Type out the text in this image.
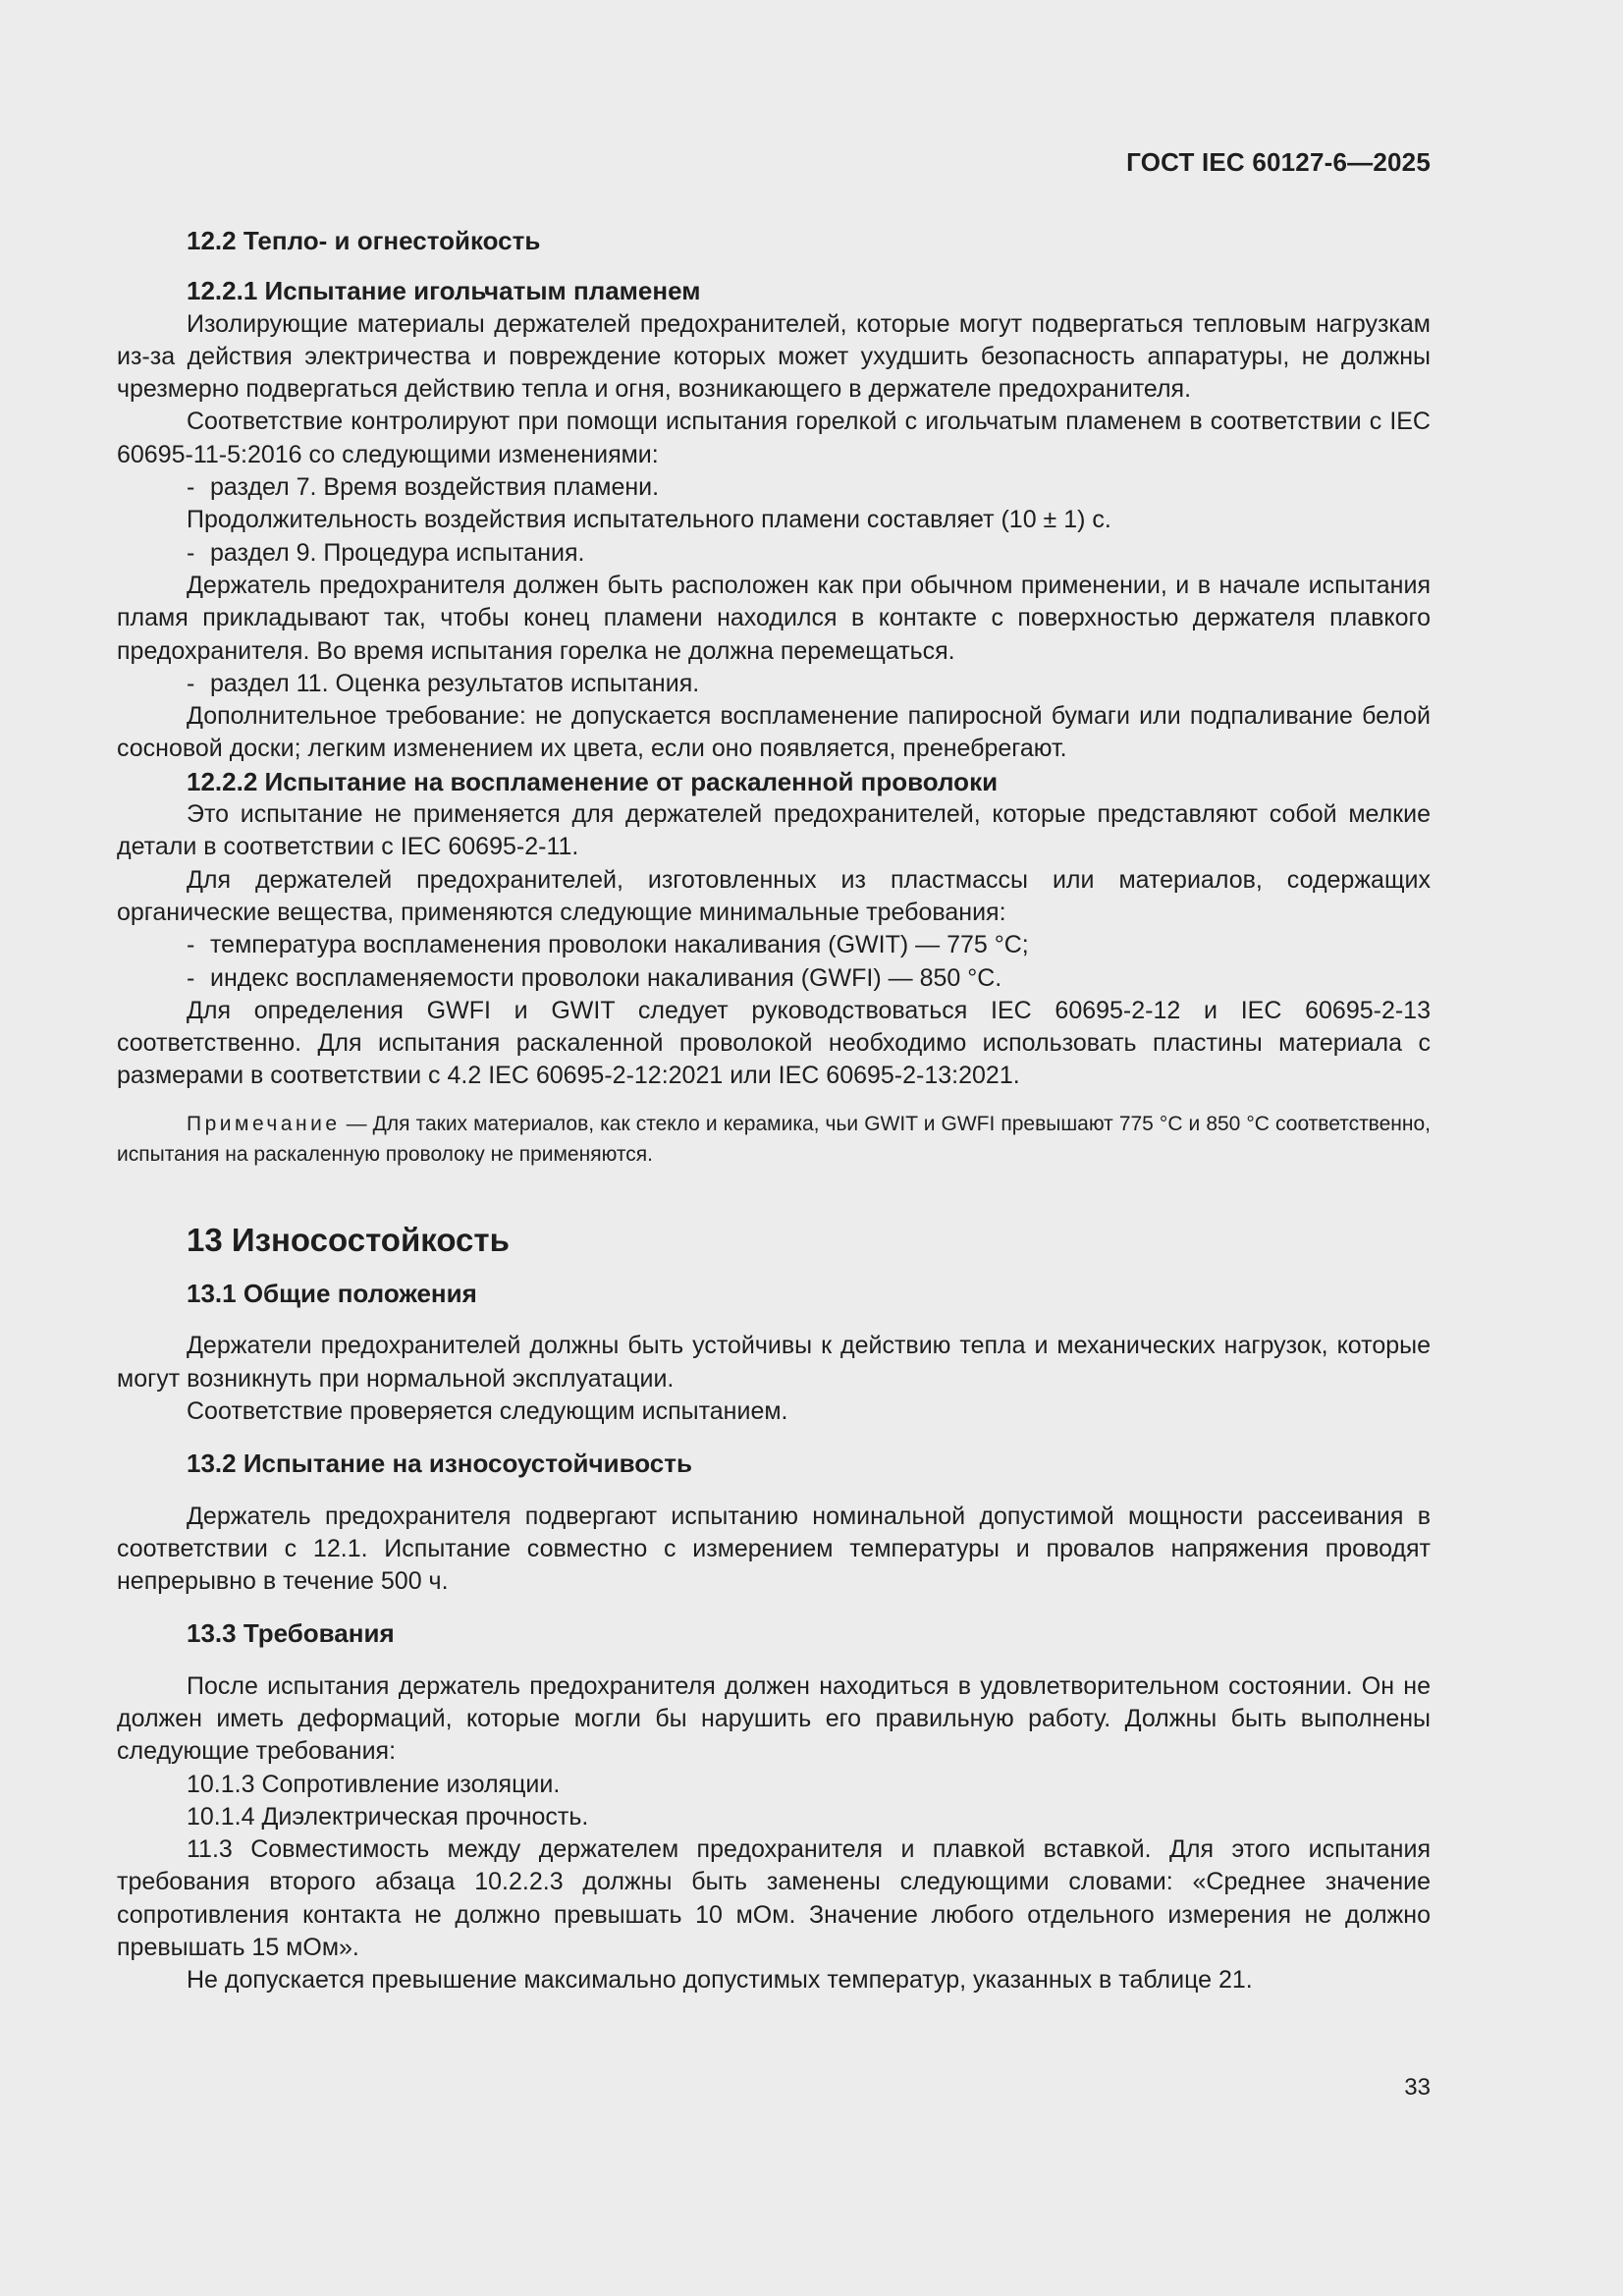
ГОСТ IEC 60127-6—2025

12.2 Тепло- и огнестойкость

12.2.1 Испытание игольчатым пламенем

Изолирующие материалы держателей предохранителей, которые могут подвергаться тепловым нагрузкам из-за действия электричества и повреждение которых может ухудшить безопасность аппаратуры, не должны чрезмерно подвергаться действию тепла и огня, возникающего в держателе предохранителя.

Соответствие контролируют при помощи испытания горелкой с игольчатым пламенем в соответствии с IEC 60695-11-5:2016 со следующими изменениями:

- раздел 7. Время воздействия пламени.

Продолжительность воздействия испытательного пламени составляет (10 ± 1) с.

- раздел 9. Процедура испытания.

Держатель предохранителя должен быть расположен как при обычном применении, и в начале испытания пламя прикладывают так, чтобы конец пламени находился в контакте с поверхностью держателя плавкого предохранителя. Во время испытания горелка не должна перемещаться.

- раздел 11. Оценка результатов испытания.

Дополнительное требование: не допускается воспламенение папиросной бумаги или подпаливание белой сосновой доски; легким изменением их цвета, если оно появляется, пренебрегают.

12.2.2 Испытание на воспламенение от раскаленной проволоки

Это испытание не применяется для держателей предохранителей, которые представляют собой мелкие детали в соответствии с IEC 60695-2-11.

Для держателей предохранителей, изготовленных из пластмассы или материалов, содержащих органические вещества, применяются следующие минимальные требования:

- температура воспламенения проволоки накаливания (GWIT) — 775 °С;

- индекс воспламеняемости проволоки накаливания (GWFI) — 850 °С.

Для определения GWFI и GWIT следует руководствоваться IEC 60695-2-12 и IEC 60695-2-13 соответственно. Для испытания раскаленной проволокой необходимо использовать пластины материала с размерами в соответствии с 4.2 IEC 60695-2-12:2021 или IEC 60695-2-13:2021.

Примечание — Для таких материалов, как стекло и керамика, чьи GWIT и GWFI превышают 775 °С и 850 °С соответственно, испытания на раскаленную проволоку не применяются.

13 Износостойкость

13.1 Общие положения

Держатели предохранителей должны быть устойчивы к действию тепла и механических нагрузок, которые могут возникнуть при нормальной эксплуатации.

Соответствие проверяется следующим испытанием.

13.2 Испытание на износоустойчивость

Держатель предохранителя подвергают испытанию номинальной допустимой мощности рассеивания в соответствии с 12.1. Испытание совместно с измерением температуры и провалов напряжения проводят непрерывно в течение 500 ч.

13.3 Требования

После испытания держатель предохранителя должен находиться в удовлетворительном состоянии. Он не должен иметь деформаций, которые могли бы нарушить его правильную работу. Должны быть выполнены следующие требования:

10.1.3 Сопротивление изоляции.

10.1.4 Диэлектрическая прочность.

11.3 Совместимость между держателем предохранителя и плавкой вставкой. Для этого испытания требования второго абзаца 10.2.2.3 должны быть заменены следующими словами: «Среднее значение сопротивления контакта не должно превышать 10 мОм. Значение любого отдельного измерения не должно превышать 15 мОм».

Не допускается превышение максимально допустимых температур, указанных в таблице 21.

33
